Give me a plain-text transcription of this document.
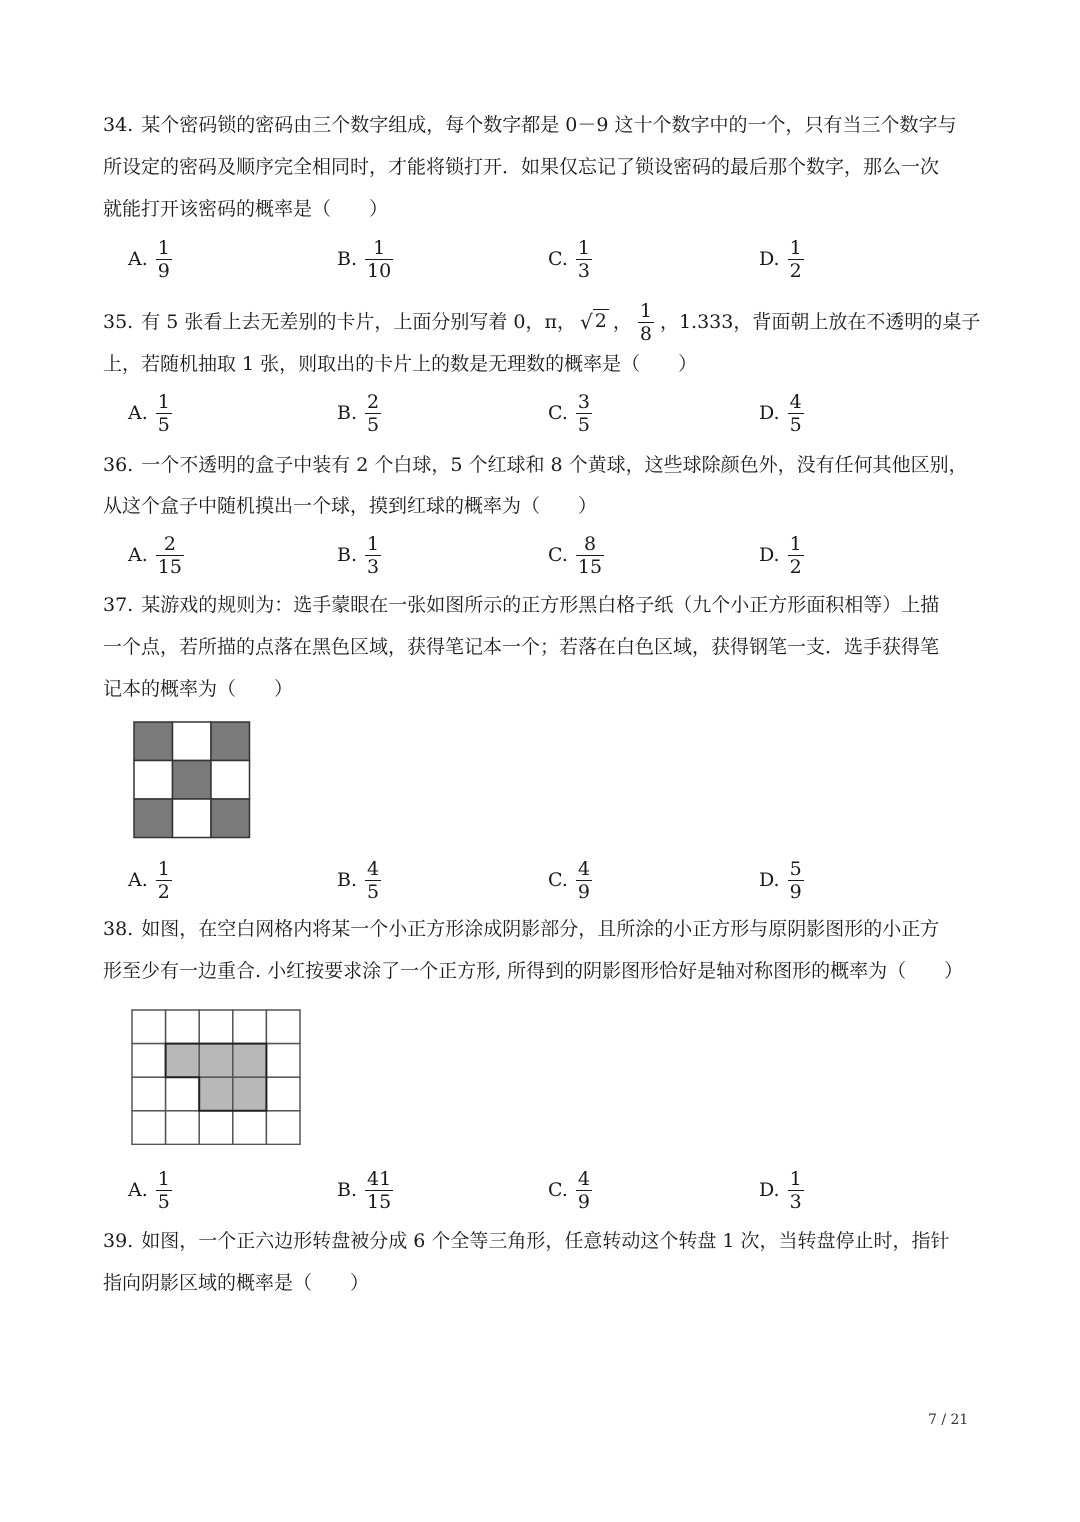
34. 某个密码锁的密码由三个数字组成，每个数字都是 0－9 这十个数字中的一个，只有当三个数字与
所设定的密码及顺序完全相同时，才能将锁打开．如果仅忘记了锁设密码的最后那个数字，那么一次
就能打开该密码的概率是（　　）
A. $\frac{1}{9}$	B. $\frac{1}{10}$	C. $\frac{1}{3}$	D. $\frac{1}{2}$
35. 有 5 张看上去无差别的卡片，上面分别写着 0，π， √ 2 ， $\frac{1}{8}$ ，1.333，背面朝上放在不透明的桌子
上，若随机抽取 1 张，则取出的卡片上的数是无理数的概率是（　　）
A. $\frac{1}{5}$	B. $\frac{2}{5}$	C. $\frac{3}{5}$	D. $\frac{4}{5}$
36. 一个不透明的盒子中装有 2 个白球，5 个红球和 8 个黄球，这些球除颜色外，没有任何其他区别，
从这个盒子中随机摸出一个球，摸到红球的概率为（　　）
A. $\frac{2}{15}$	B. $\frac{1}{3}$	C. $\frac{8}{15}$	D. $\frac{1}{2}$
37. 某游戏的规则为：选手蒙眼在一张如图所示的正方形黑白格子纸（九个小正方形面积相等）上描
一个点，若所描的点落在黑色区域，获得笔记本一个；若落在白色区域，获得钢笔一支．选手获得笔
记本的概率为（　　）
A. $\frac{1}{2}$	B. $\frac{4}{5}$	C. $\frac{4}{9}$	D. $\frac{5}{9}$
38. 如图，在空白网格内将某一个小正方形涂成阴影部分，且所涂的小正方形与原阴影图形的小正方
形至少有一边重合. 小红按要求涂了一个正方形, 所得到的阴影图形恰好是轴对称图形的概率为（　　）
A. $\frac{1}{5}$	B. $\frac{41}{15}$	C. $\frac{4}{9}$	D. $\frac{1}{3}$
39. 如图，一个正六边形转盘被分成 6 个全等三角形，任意转动这个转盘 1 次，当转盘停止时，指针
指向阴影区域的概率是（　　）
7 / 21
